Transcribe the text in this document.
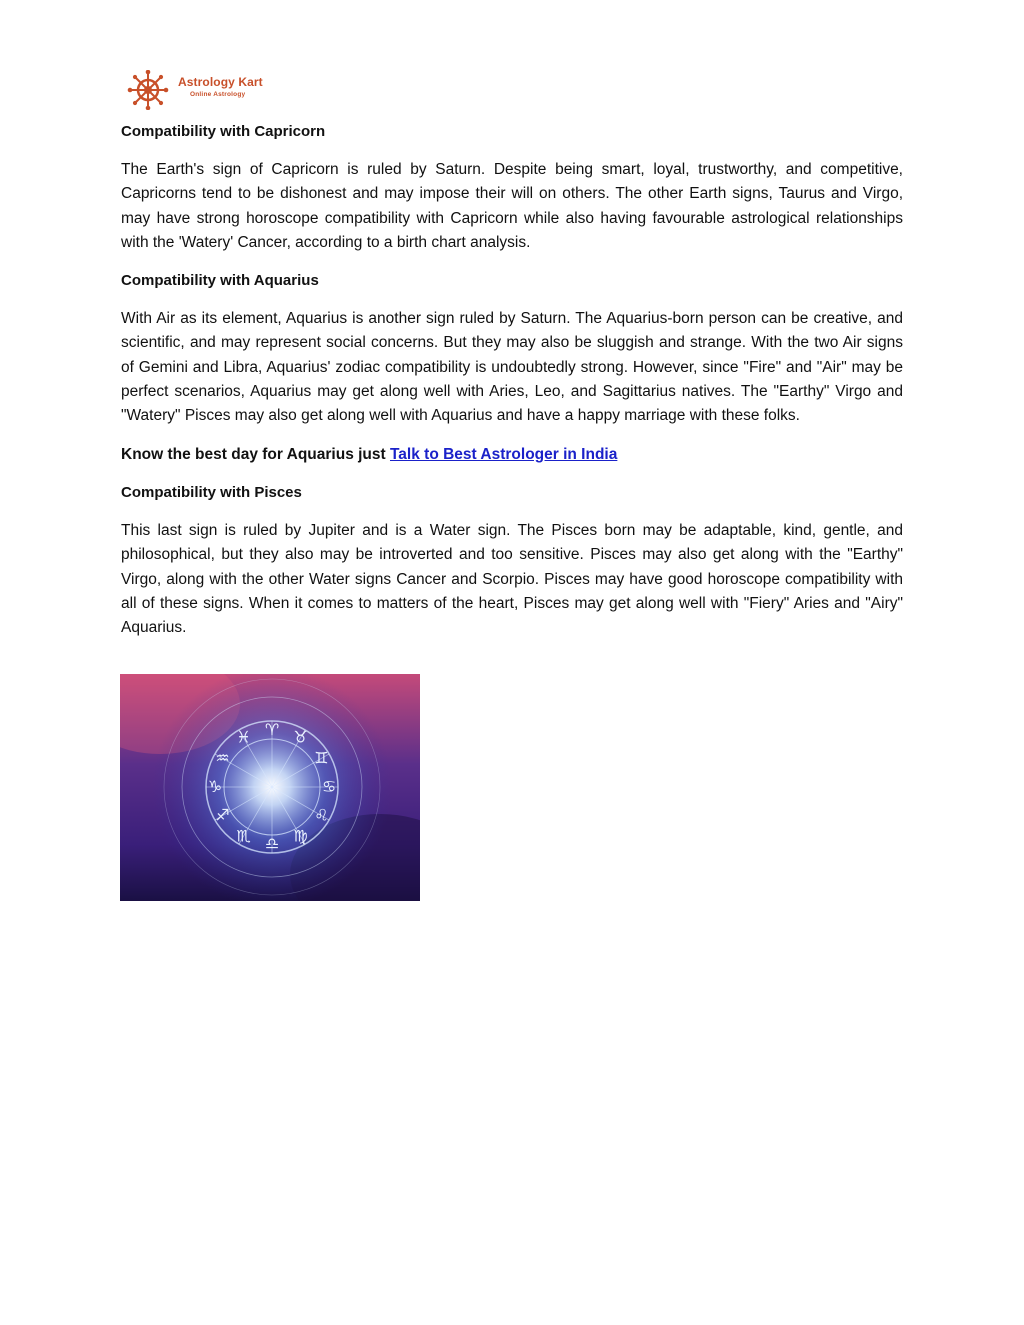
Astrology Kart
Online Astrology
Compatibility with Capricorn

The Earth's sign of Capricorn is ruled by Saturn. Despite being smart, loyal, trustworthy, and competitive, Capricorns tend to be dishonest and may impose their will on others. The other Earth signs, Taurus and Virgo, may have strong horoscope compatibility with Capricorn while also having favourable astrological relationships with the 'Watery' Cancer, according to a birth chart analysis.

Compatibility with Aquarius

With Air as its element, Aquarius is another sign ruled by Saturn. The Aquarius-born person can be creative, and scientific, and may represent social concerns. But they may also be sluggish and strange. With the two Air signs of Gemini and Libra, Aquarius' zodiac compatibility is undoubtedly strong. However, since "Fire" and "Air" may be perfect scenarios, Aquarius may get along well with Aries, Leo, and Sagittarius natives. The "Earthy" Virgo and "Watery" Pisces may also get along well with Aquarius and have a happy marriage with these folks.

Know the best day for Aquarius just Talk to Best Astrologer in India

Compatibility with Pisces

This last sign is ruled by Jupiter and is a Water sign. The Pisces born may be adaptable, kind, gentle, and philosophical, but they also may be introverted and too sensitive. Pisces may also get along with the "Earthy" Virgo, along with the other Water signs Cancer and Scorpio. Pisces may have good horoscope compatibility with all of these signs. When it comes to matters of the heart, Pisces may get along well with "Fiery" Aries and "Airy" Aquarius.

♈ ♉
♊
♋
♌
♍
♎
♏
♐
♑
♒
♓
